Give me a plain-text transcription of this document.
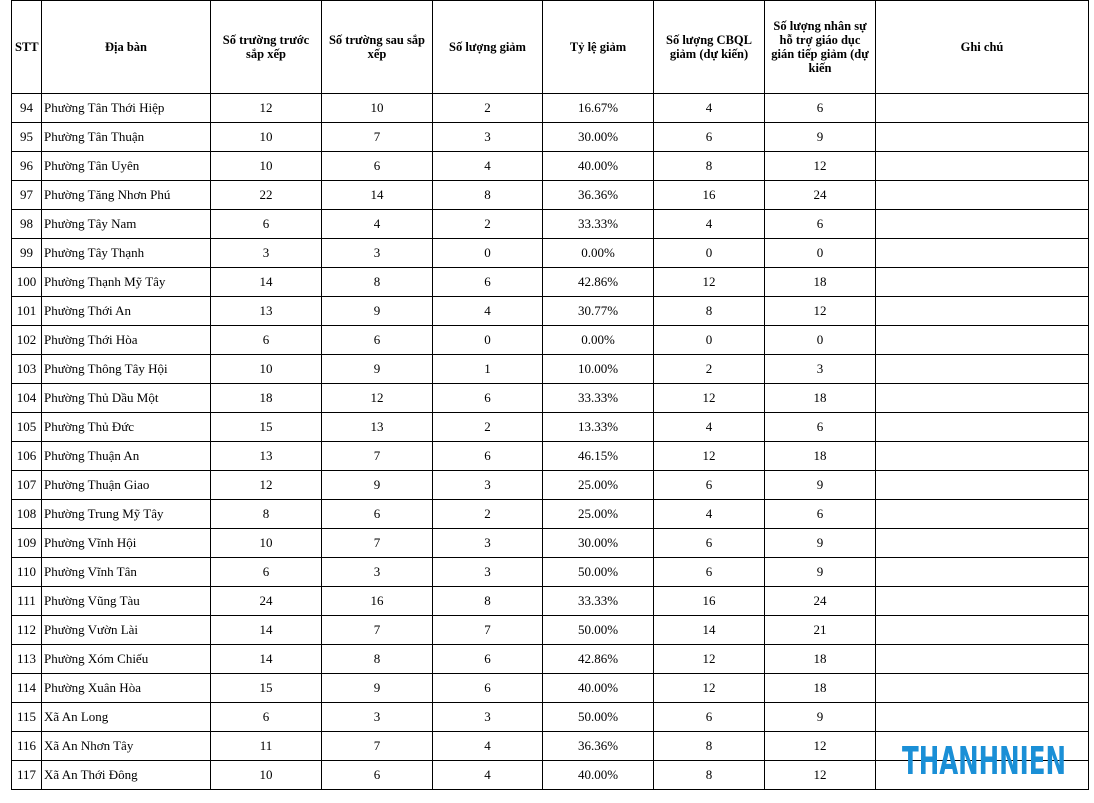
STT	Địa bàn	Số trường trước sắp xếp	Số trường sau sắp xếp	Số lượng giảm	Tỷ lệ giảm	Số lượng CBQL giảm (dự kiến)	Số lượng nhân sự hỗ trợ giáo dục gián tiếp giảm (dự kiến	Ghi chú

94	Phường Tân Thới Hiệp	12	10	2	16.67%	4	6	
95	Phường Tân Thuận	10	7	3	30.00%	6	9	
96	Phường Tân Uyên	10	6	4	40.00%	8	12	
97	Phường Tăng Nhơn Phú	22	14	8	36.36%	16	24	
98	Phường Tây Nam	6	4	2	33.33%	4	6	
99	Phường Tây Thạnh	3	3	0	0.00%	0	0	
100	Phường Thạnh Mỹ Tây	14	8	6	42.86%	12	18	
101	Phường Thới An	13	9	4	30.77%	8	12	
102	Phường Thới Hòa	6	6	0	0.00%	0	0	
103	Phường Thông Tây Hội	10	9	1	10.00%	2	3	
104	Phường Thủ Dầu Một	18	12	6	33.33%	12	18	
105	Phường Thủ Đức	15	13	2	13.33%	4	6	
106	Phường Thuận An	13	7	6	46.15%	12	18	
107	Phường Thuận Giao	12	9	3	25.00%	6	9	
108	Phường Trung Mỹ Tây	8	6	2	25.00%	4	6	
109	Phường Vĩnh Hội	10	7	3	30.00%	6	9	
110	Phường Vĩnh Tân	6	3	3	50.00%	6	9	
111	Phường Vũng Tàu	24	16	8	33.33%	16	24	
112	Phường Vườn Lài	14	7	7	50.00%	14	21	
113	Phường Xóm Chiếu	14	8	6	42.86%	12	18	
114	Phường Xuân Hòa	15	9	6	40.00%	12	18	
115	Xã An Long	6	3	3	50.00%	6	9	
116	Xã An Nhơn Tây	11	7	4	36.36%	8	12	
117	Xã An Thới Đông	10	6	4	40.00%	8	12	THANHNIEN
